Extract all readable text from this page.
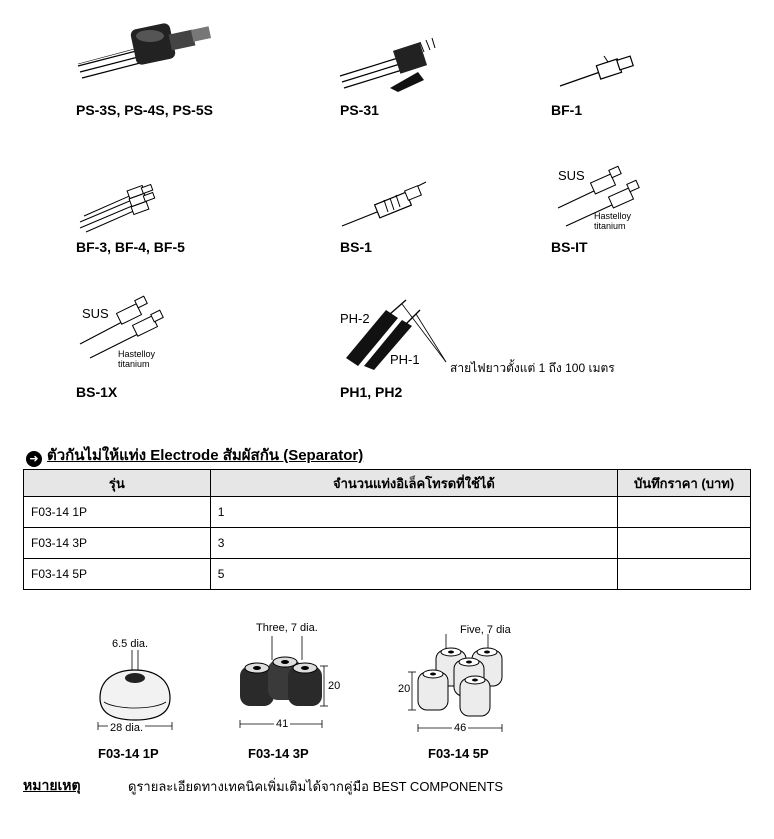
PS-3S, PS-4S, PS-5S	PS-31	BF-1
BF-3, BF-4, BF-5	BS-1
SUS
Hastelloy
titanium
BS-IT
SUS
Hastelloy
titanium
BS-1X
PH-2
PH-1
สายไฟยาวตั้งแต่ 1 ถึง 100 เมตร
PH1, PH2
➜ ตัวกันไม่ให้แท่ง Electrode สัมผัสกัน (Separator)
รุ่น	จำนวนแท่งอิเล็คโทรดที่ใช้ได้	บันทึกราคา (บาท)
F03-14 1P	1	
F03-14 3P	3	
F03-14 5P	5	
6.5 dia.
28 dia.
F03-14 1P
Three, 7 dia.
20
41
F03-14 3P
Five, 7 dia
20
46
F03-14 5P
หมายเหตุ	ดูรายละเอียดทางเทคนิคเพิ่มเติมได้จากคู่มือ BEST COMPONENTS
